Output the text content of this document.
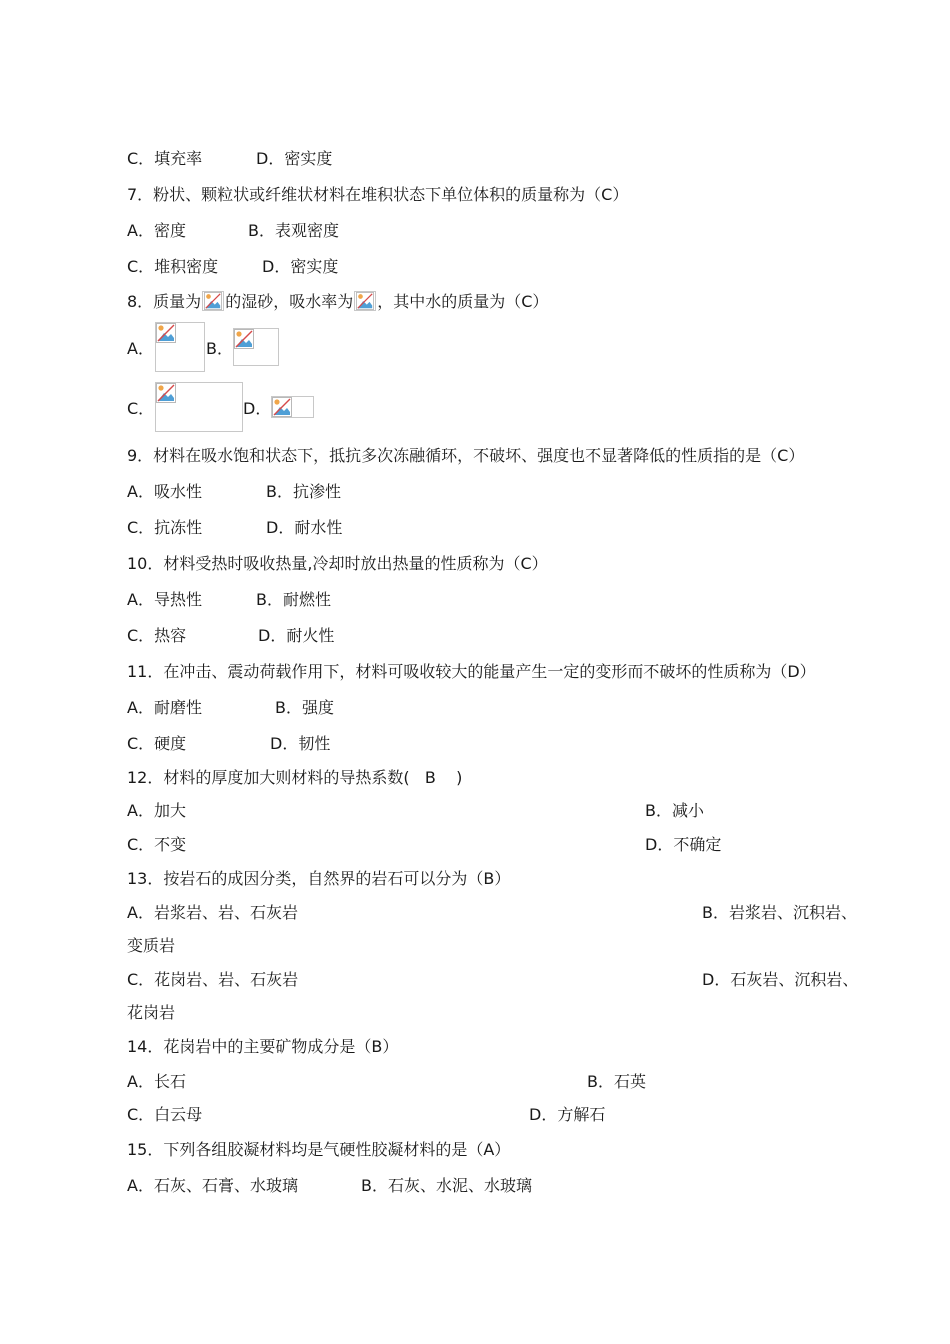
C．填充率	D．密实度
7．粉状、颗粒状或纤维状材料在堆积状态下单位体积的质量称为（C）
A．密度	B．表观密度
C．堆积密度	D．密实度
8．质量为 的湿砂，吸水率为 ，其中水的质量为（C）
A．	B．
C．	D．
9．材料在吸水饱和状态下，抵抗多次冻融循环，不破坏、强度也不显著降低的性质指的是（C）
A．吸水性	B．抗渗性
C．抗冻性	D．耐水性
10．材料受热时吸收热量,冷却时放出热量的性质称为（C）
A．导热性	B．耐燃性
C．热容	D．耐火性
11．在冲击、震动荷载作用下，材料可吸收较大的能量产生一定的变形而不破坏的性质称为（D）
A．耐磨性	B．强度
C．硬度	D．韧性
12．材料的厚度加大则材料的导热系数(   B    )
A．加大	B．减小
C．不变	D．不确定
13．按岩石的成因分类，自然界的岩石可以分为（B）
A．岩浆岩、岩、石灰岩	B．岩浆岩、沉积岩、
变质岩
C．花岗岩、岩、石灰岩	D．石灰岩、沉积岩、
花岗岩
14．花岗岩中的主要矿物成分是（B）
A．长石	B．石英
C．白云母	D．方解石
15．下列各组胶凝材料均是气硬性胶凝材料的是（A）
A．石灰、石膏、水玻璃	B．石灰、水泥、水玻璃
